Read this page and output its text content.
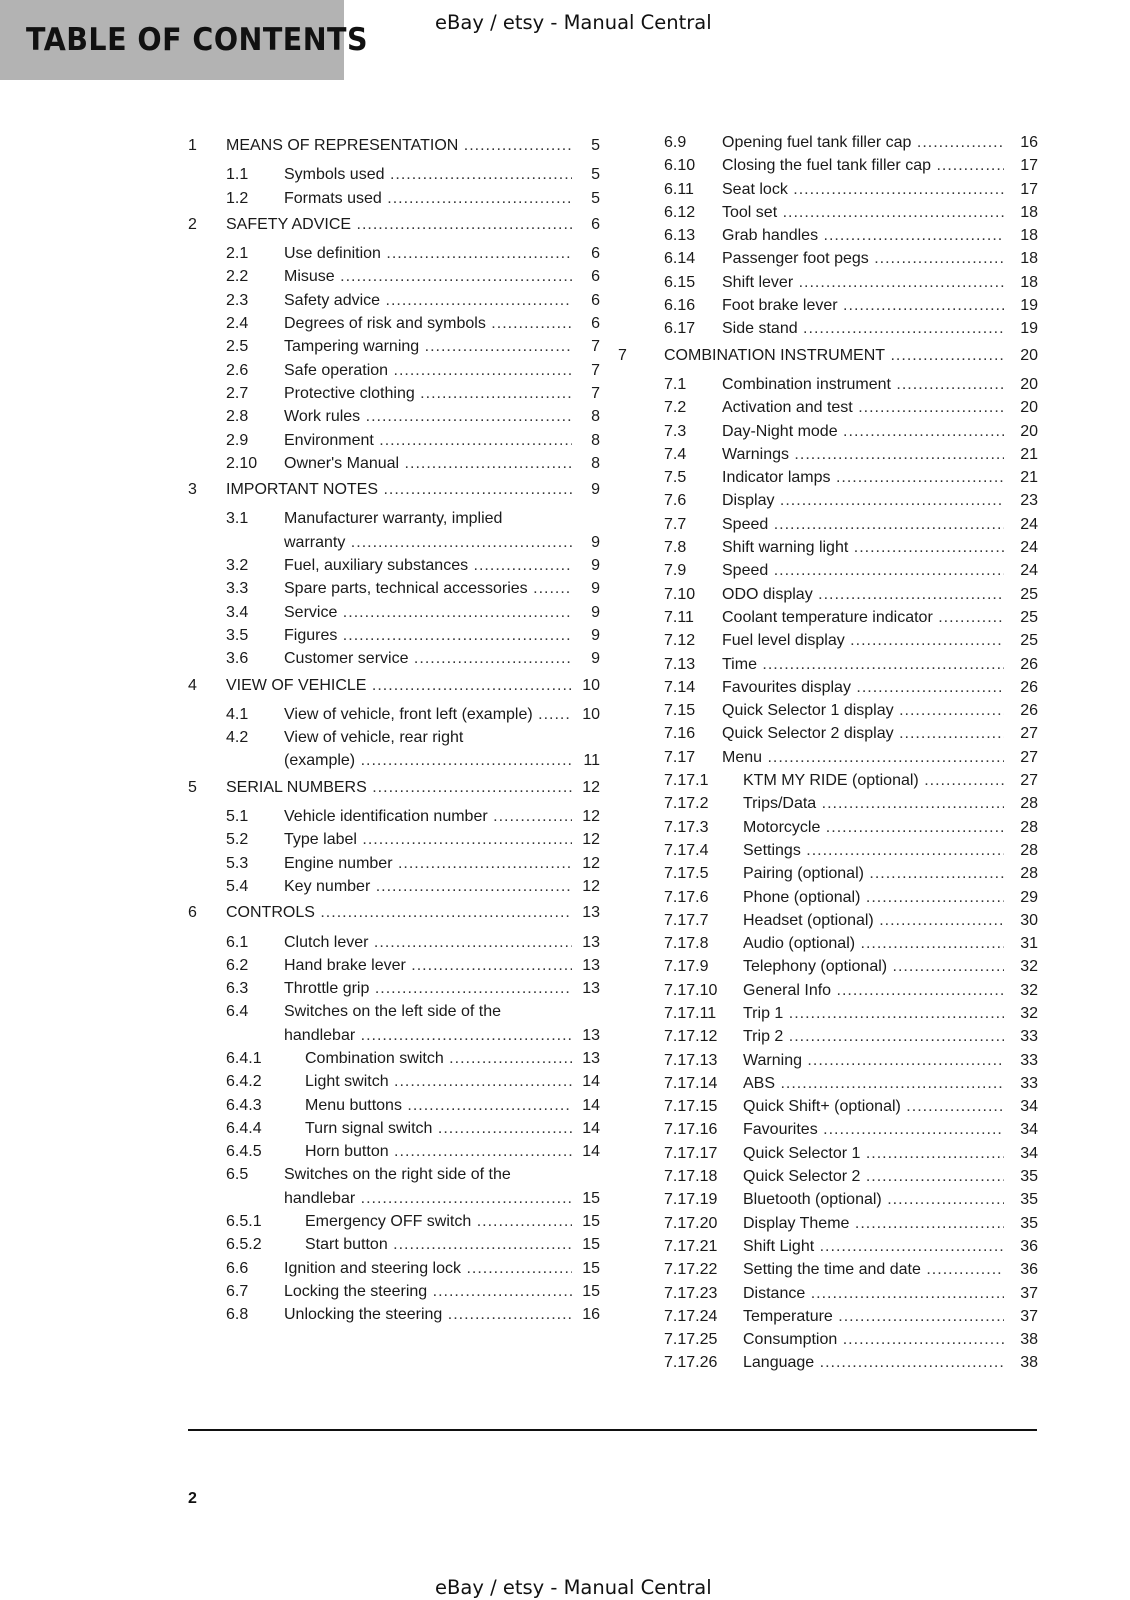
TABLE OF CONTENTS	eBay / etsy - Manual Central
1 MEANS OF REPRESENTATION .....	5
1.1 Symbols used .....	5
1.2 Formats used .....	5
2 SAFETY ADVICE .....	6
2.1 Use definition .....	6
2.2 Misuse .....	6
2.3 Safety advice .....	6
2.4 Degrees of risk and symbols .....	6
2.5 Tampering warning .....	7
2.6 Safe operation .....	7
2.7 Protective clothing .....	7
2.8 Work rules .....	8
2.9 Environment .....	8
2.10 Owner's Manual .....	8
3 IMPORTANT NOTES .....	9
3.1 Manufacturer warranty, implied
warranty .....	9
3.2 Fuel, auxiliary substances .....	9
3.3 Spare parts, technical accessories .....	9
3.4 Service .....	9
3.5 Figures .....	9
3.6 Customer service .....	9
4 VIEW OF VEHICLE .....	10
4.1 View of vehicle, front left (example) .....	10
4.2 View of vehicle, rear right
(example) .....	11
5 SERIAL NUMBERS .....	12
5.1 Vehicle identification number .....	12
5.2 Type label .....	12
5.3 Engine number .....	12
5.4 Key number .....	12
6 CONTROLS .....	13
6.1 Clutch lever .....	13
6.2 Hand brake lever .....	13
6.3 Throttle grip .....	13
6.4 Switches on the left side of the
handlebar .....	13
6.4.1	Combination switch .....	13
6.4.2	Light switch .....	14
6.4.3	Menu buttons .....	14
6.4.4	Turn signal switch .....	14
6.4.5	Horn button .....	14
6.5 Switches on the right side of the
handlebar .....	15
6.5.1	Emergency OFF switch .....	15
6.5.2	Start button .....	15
6.6 Ignition and steering lock .....	15
6.7 Locking the steering .....	15
6.8 Unlocking the steering .....	16
6.9 Opening fuel tank filler cap .....	16
6.10 Closing the fuel tank filler cap .....	17
6.11 Seat lock .....	17
6.12 Tool set .....	18
6.13 Grab handles .....	18
6.14 Passenger foot pegs .....	18
6.15 Shift lever .....	18
6.16 Foot brake lever .....	19
6.17 Side stand .....	19
7 COMBINATION INSTRUMENT .....	20
7.1 Combination instrument .....	20
7.2 Activation and test .....	20
7.3 Day-Night mode .....	20
7.4 Warnings .....	21
7.5 Indicator lamps .....	21
7.6 Display .....	23
7.7 Speed .....	24
7.8 Shift warning light .....	24
7.9 Speed .....	24
7.10 ODO display .....	25
7.11 Coolant temperature indicator .....	25
7.12 Fuel level display .....	25
7.13 Time .....	26
7.14 Favourites display .....	26
7.15 Quick Selector 1 display .....	26
7.16 Quick Selector 2 display .....	27
7.17 Menu .....	27
7.17.1 KTM MY RIDE (optional) .....	27
7.17.2 Trips/Data .....	28
7.17.3 Motorcycle .....	28
7.17.4 Settings .....	28
7.17.5 Pairing (optional) .....	28
7.17.6 Phone (optional) .....	29
7.17.7 Headset (optional) .....	30
7.17.8 Audio (optional) .....	31
7.17.9 Telephony (optional) .....	32
7.17.10 General Info .....	32
7.17.11 Trip 1 .....	32
7.17.12 Trip 2 .....	33
7.17.13 Warning .....	33
7.17.14 ABS .....	33
7.17.15 Quick Shift+ (optional) .....	34
7.17.16 Favourites .....	34
7.17.17 Quick Selector 1 .....	34
7.17.18 Quick Selector 2 .....	35
7.17.19 Bluetooth (optional) .....	35
7.17.20 Display Theme .....	35
7.17.21 Shift Light .....	36
7.17.22 Setting the time and date .....	36
7.17.23 Distance .....	37
7.17.24 Temperature .....	37
7.17.25 Consumption .....	38
7.17.26 Language .....	38
2
eBay / etsy - Manual Central
